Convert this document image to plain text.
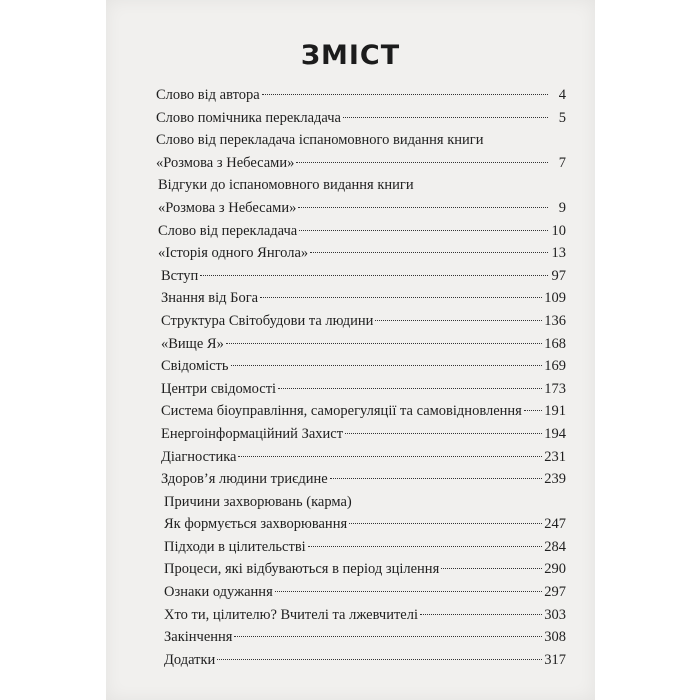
ЗМІСТ
Слово від автора	4
Слово помічника перекладача	5
Слово від перекладача іспаномовного видання книги
«Розмова з Небесами»	7
Відгуки до іспаномовного видання книги
«Розмова з Небесами»	9
Слово від перекладача	10
«Історія одного Янгола»	13
Вступ	97
Знання від Бога	109
Структура Світобудови та людини	136
«Вище Я»	168
Свідомість	169
Центри свідомості	173
Система біоуправління, саморегуляції та самовідновлення 191
Енергоінформаційний Захист	194
Діагностика	231
Здоров’я людини триєдине	239
Причини захворювань (карма)
Як формується захворювання	247
Підходи в цілительстві	284
Процеси, які відбуваються в період зцілення	290
Ознаки одужання	297
Хто ти, цілителю? Вчителі та лжевчителі	303
Закінчення	308
Додатки	317
